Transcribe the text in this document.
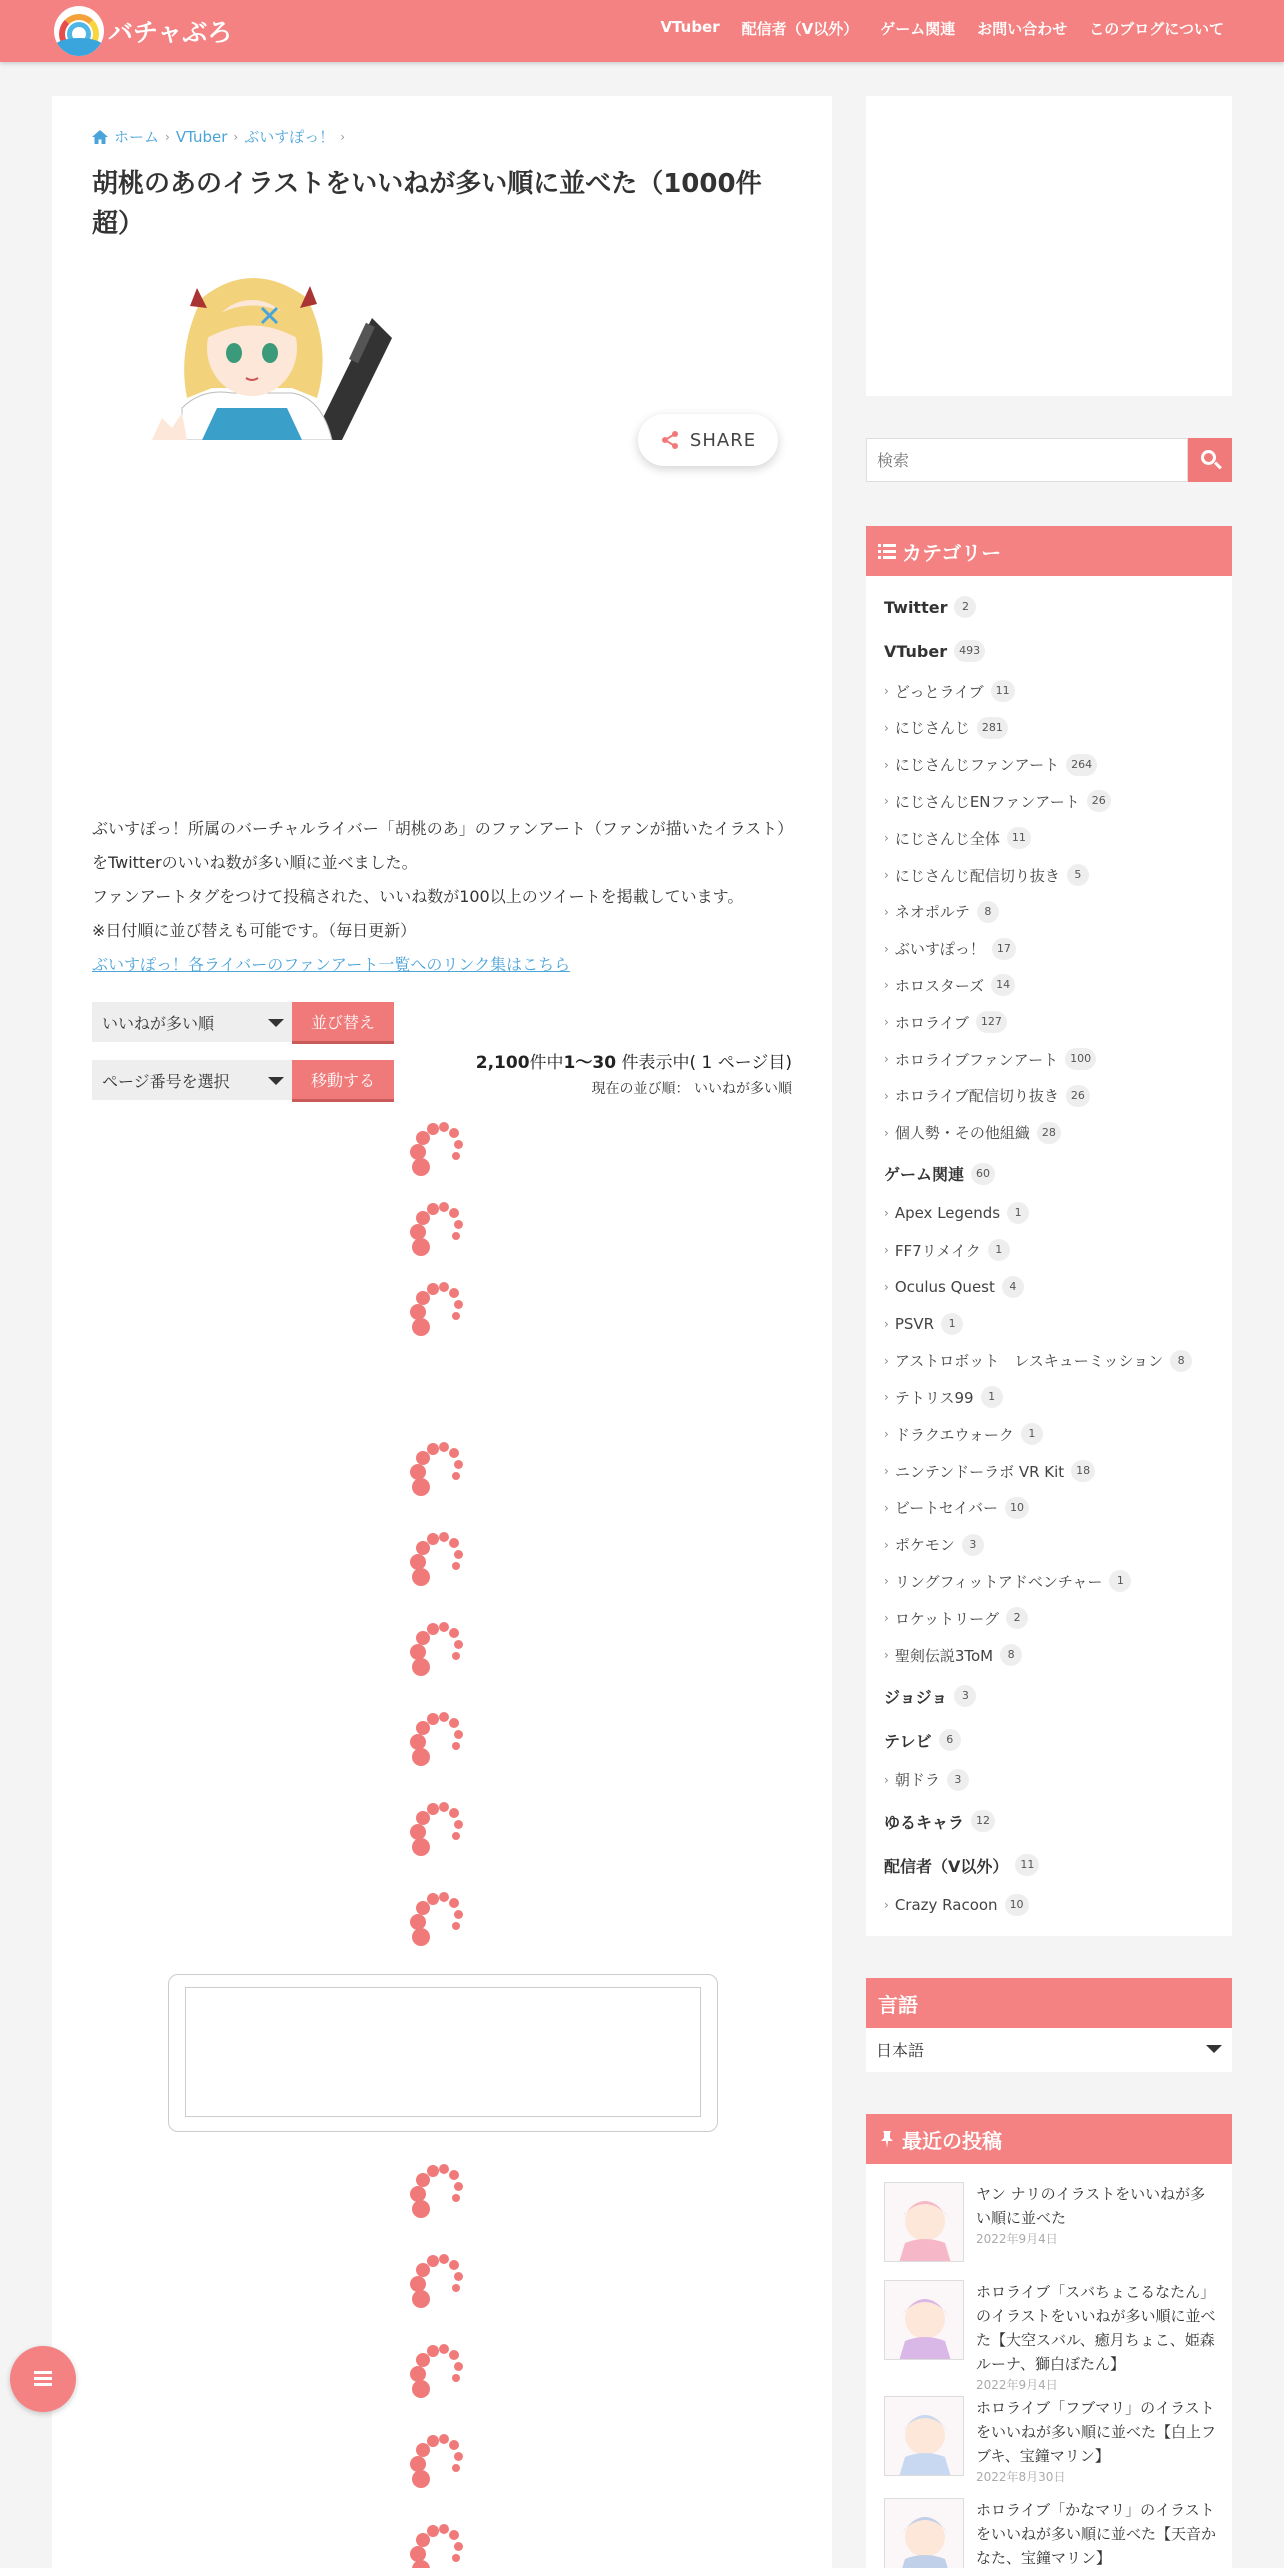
バチャぶろ	VTuber 配信者（V以外） ゲーム関連 お問い合わせ このブログについて
ホーム › VTuber › ぶいすぽっ！ ›
胡桃のあのイラストをいいねが多い順に並べた（1000件超）
SHARE
ぶいすぽっ！所属のバーチャルライバー「胡桃のあ」のファンアート（ファンが描いたイラスト）をTwitterのいいね数が多い順に並べました。
ファンアートタグをつけて投稿された、いいね数が100以上のツイートを掲載しています。
※日付順に並び替えも可能です。（毎日更新）
ぶいすぽっ！各ライバーのファンアート一覧へのリンク集はこちら
いいねが多い順	並び替え
ページ番号を選択	移動する
2,100件中1～30 件表示中( 1 ページ目)
現在の並び順： いいねが多い順
検索
カテゴリー
Twitter	2
VTuber	493
› どっとライブ	11
› にじさんじ	281
› にじさんじファンアート	264
› にじさんじENファンアート	26
› にじさんじ全体	11
› にじさんじ配信切り抜き	5
› ネオポルテ	8
› ぶいすぽっ！	17
› ホロスターズ	14
› ホロライブ	127
› ホロライブファンアート	100
› ホロライブ配信切り抜き	26
› 個人勢・その他組織	28
ゲーム関連	60
› Apex Legends	1
› FF7リメイク	1
› Oculus Quest	4
› PSVR	1
› アストロボット　レスキューミッション	8
› テトリス99	1
› ドラクエウォーク	1
› ニンテンドーラボ VR Kit	18
› ビートセイバー	10
› ポケモン	3
› リングフィットアドベンチャー	1
› ロケットリーグ	2
› 聖剣伝説3ToM	8
ジョジョ	3
テレビ	6
› 朝ドラ	3
ゆるキャラ	12
配信者（V以外）	11
› Crazy Racoon	10
言語
日本語
最近の投稿
ヤン ナリのイラストをいいねが多い順に並べた
2022年9月4日
ホロライブ「スバちょこるなたん」のイラストをいいねが多い順に並べた【大空スバル、癒月ちょこ、姫森ルーナ、獅白ぼたん】
2022年9月4日
ホロライブ「フブマリ」のイラストをいいねが多い順に並べた【白上フブキ、宝鐘マリン】
2022年8月30日
ホロライブ「かなマリ」のイラストをいいねが多い順に並べた【天音かなた、宝鐘マリン】
